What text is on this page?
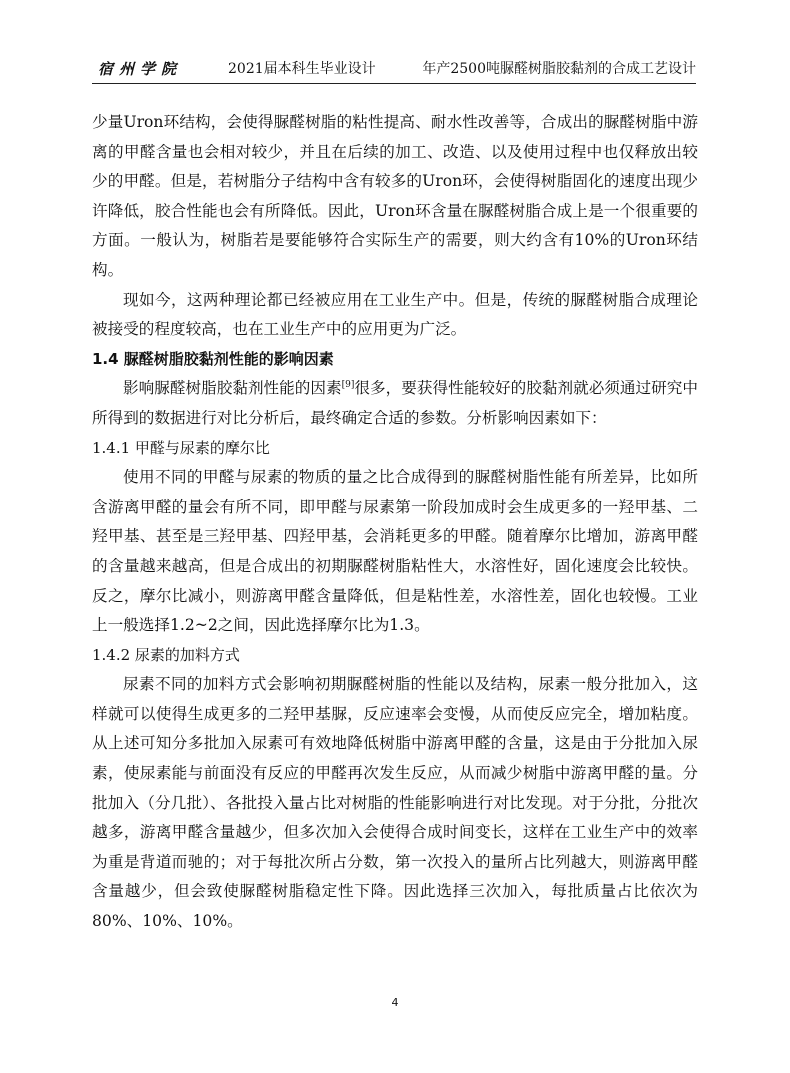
宿州学院	2021届本科生毕业设计	年产2500吨脲醛树脂胶黏剂的合成工艺设计

少量Uron环结构，会使得脲醛树脂的粘性提高、耐水性改善等，合成出的脲醛树脂中游离的甲醛含量也会相对较少，并且在后续的加工、改造、以及使用过程中也仅释放出较少的甲醛。但是，若树脂分子结构中含有较多的Uron环，会使得树脂固化的速度出现少许降低，胶合性能也会有所降低。因此，Uron环含量在脲醛树脂合成上是一个很重要的方面。一般认为，树脂若是要能够符合实际生产的需要，则大约含有10%的Uron环结构。

现如今，这两种理论都已经被应用在工业生产中。但是，传统的脲醛树脂合成理论被接受的程度较高，也在工业生产中的应用更为广泛。

1.4 脲醛树脂胶黏剂性能的影响因素

影响脲醛树脂胶黏剂性能的因素[9]很多，要获得性能较好的胶黏剂就必须通过研究中所得到的数据进行对比分析后，最终确定合适的参数。分析影响因素如下：

1.4.1 甲醛与尿素的摩尔比

使用不同的甲醛与尿素的物质的量之比合成得到的脲醛树脂性能有所差异，比如所含游离甲醛的量会有所不同，即甲醛与尿素第一阶段加成时会生成更多的一羟甲基、二羟甲基、甚至是三羟甲基、四羟甲基，会消耗更多的甲醛。随着摩尔比增加，游离甲醛的含量越来越高，但是合成出的初期脲醛树脂粘性大，水溶性好，固化速度会比较快。反之，摩尔比减小，则游离甲醛含量降低，但是粘性差，水溶性差，固化也较慢。工业上一般选择1.2~2之间，因此选择摩尔比为1.3。

1.4.2 尿素的加料方式

尿素不同的加料方式会影响初期脲醛树脂的性能以及结构，尿素一般分批加入，这样就可以使得生成更多的二羟甲基脲，反应速率会变慢，从而使反应完全，增加粘度。从上述可知分多批加入尿素可有效地降低树脂中游离甲醛的含量，这是由于分批加入尿素，使尿素能与前面没有反应的甲醛再次发生反应，从而减少树脂中游离甲醛的量。分批加入（分几批）、各批投入量占比对树脂的性能影响进行对比发现。对于分批，分批次越多，游离甲醛含量越少，但多次加入会使得合成时间变长，这样在工业生产中的效率为重是背道而驰的；对于每批次所占分数，第一次投入的量所占比列越大，则游离甲醛含量越少，但会致使脲醛树脂稳定性下降。因此选择三次加入，每批质量占比依次为80%、10%、10%。

4
